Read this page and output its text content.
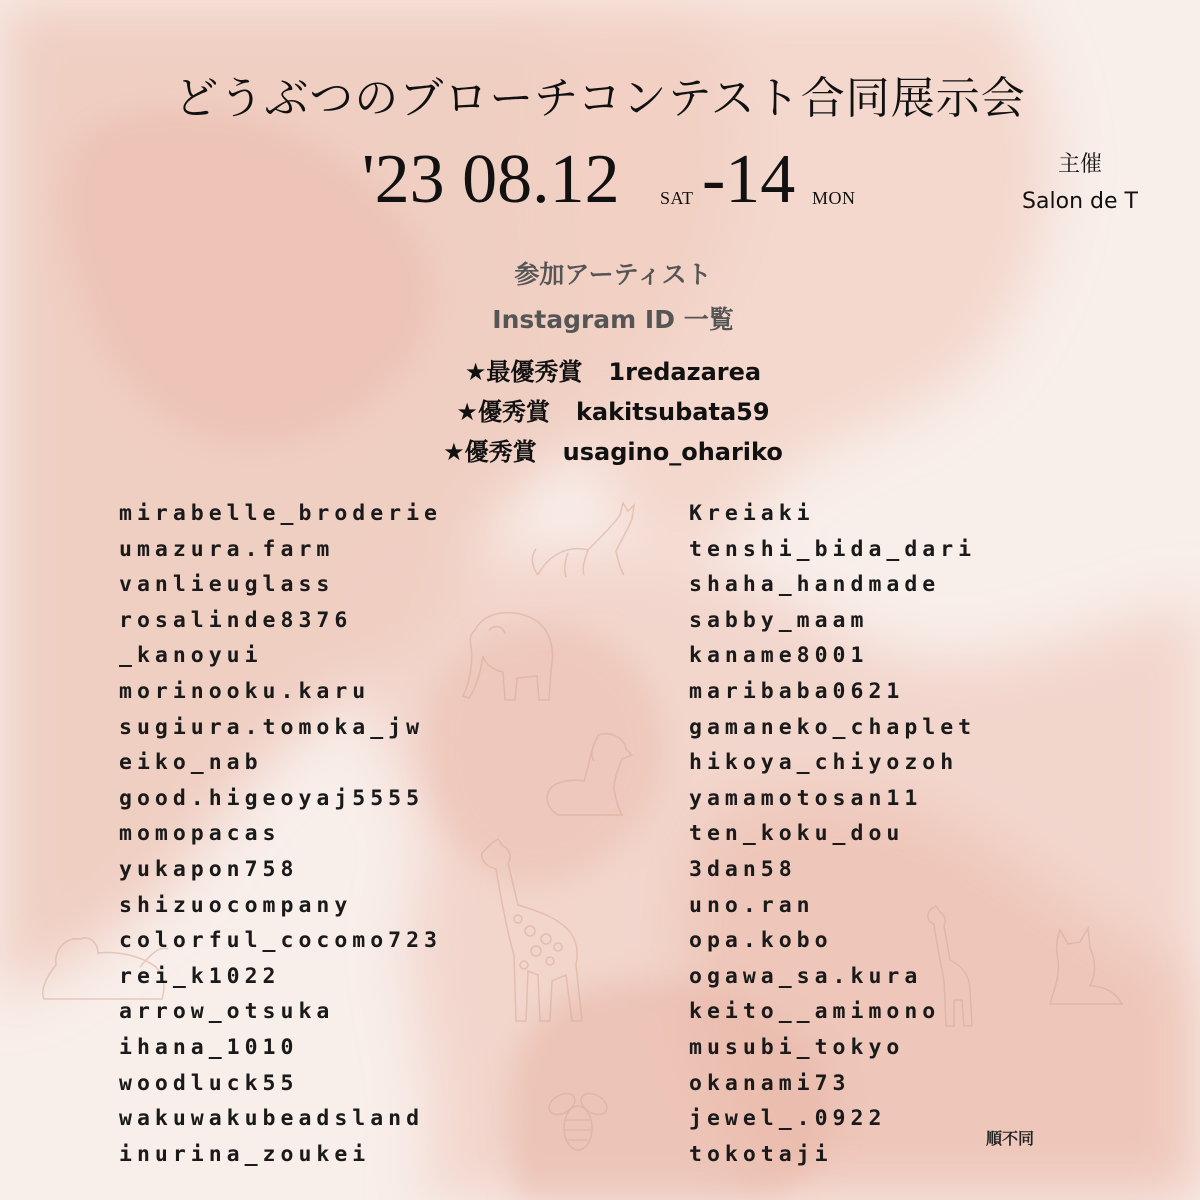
どうぶつのブローチコンテスト合同展示会
'23 08.12 SAT -14 MON
主催
Salon de T
参加アーティスト
Instagram ID 一覧
★最優秀賞 1redazarea
★優秀賞 kakitsubata59
★優秀賞 usagino_ohariko
mirabelle_broderie
umazura.farm
vanlieuglass
rosalinde8376
_kanoyui
morinooku.karu
sugiura.tomoka_jw
eiko_nab
good.higeoyaj5555
momopacas
yukapon758
shizuocompany
colorful_cocomo723
rei_k1022
arrow_otsuka
ihana_1010
woodluck55
wakuwakubeadsland
inurina_zoukei
Kreiaki
tenshi_bida_dari
shaha_handmade
sabby_maam
kaname8001
maribaba0621
gamaneko_chaplet
hikoya_chiyozoh
yamamotosan11
ten_koku_dou
3dan58
uno.ran
opa.kobo
ogawa_sa.kura
keito__amimono
musubi_tokyo
okanami73
jewel_.0922
tokotaji
順不同
